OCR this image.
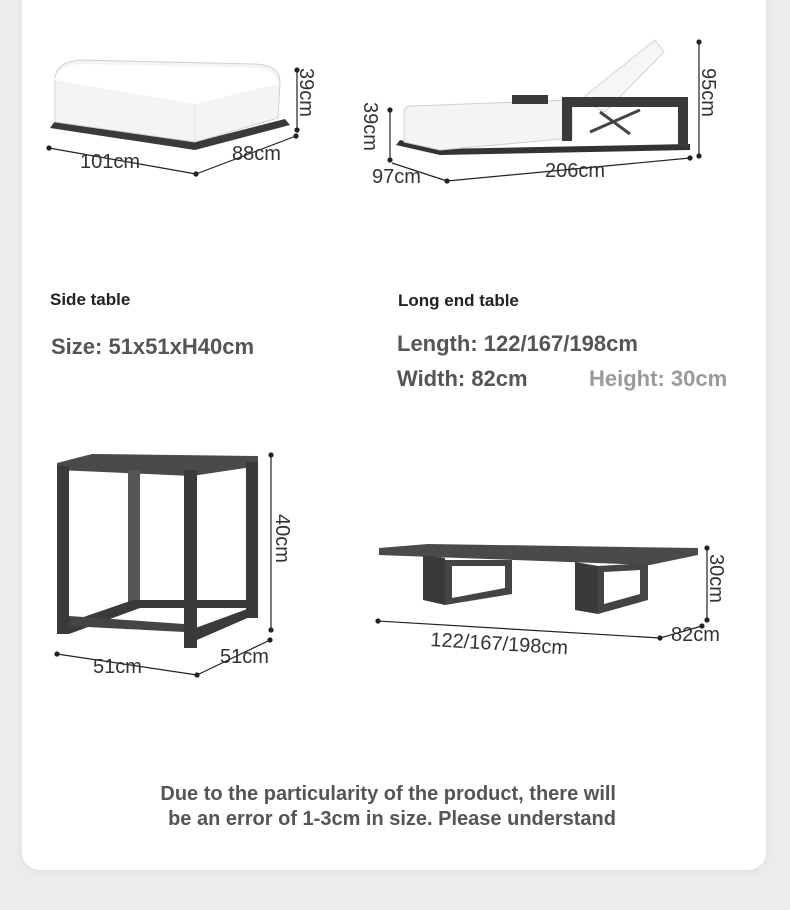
39cm
101cm	88cm
95cm
39cm
97cm	206cm
40cm
51cm	51cm
30cm
122/167/198cm	82cm
Side table

Size: 51x51xH40cm

Long end table

Length: 122/167/198cm

Width: 82cm	Height: 30cm

Due to the particularity of the product, there will
be an error of 1-3cm in size. Please understand
